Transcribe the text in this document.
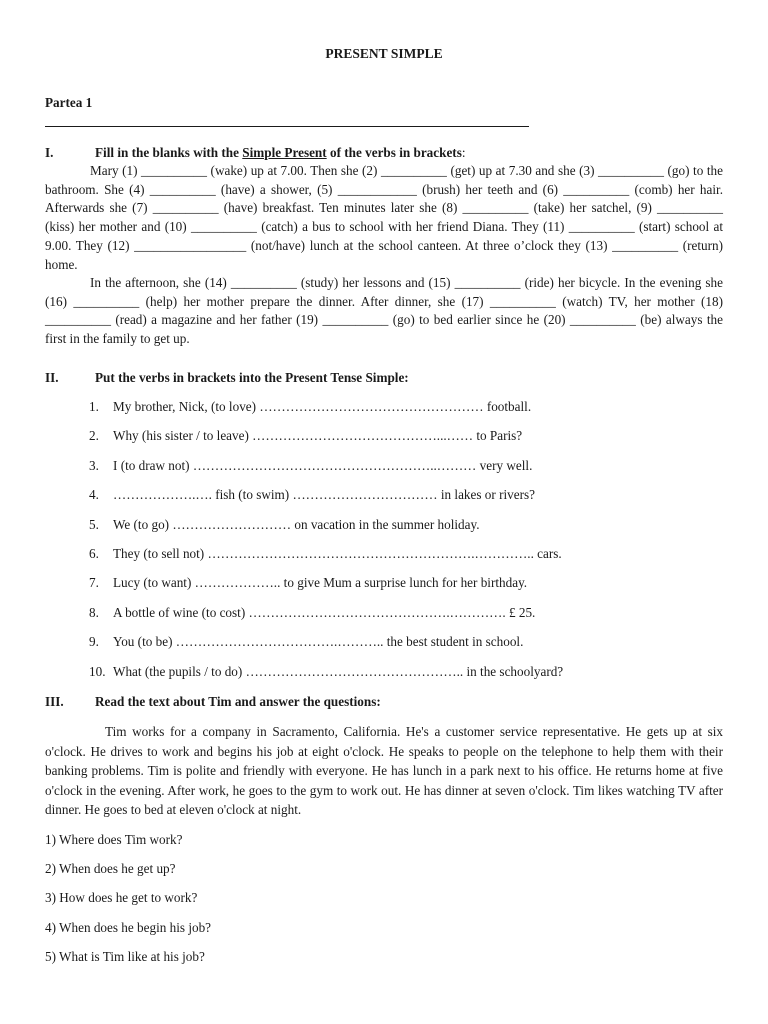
PRESENT SIMPLE
Partea 1
I.	Fill in the blanks with the Simple Present of the verbs in brackets:

Mary (1) __________ (wake) up at 7.00. Then she (2) __________ (get) up at 7.30 and she (3) __________ (go) to the bathroom. She (4) __________ (have) a shower, (5) ____________ (brush) her teeth and (6) __________ (comb) her hair. Afterwards she (7) __________ (have) breakfast. Ten minutes later she (8) __________ (take) her satchel, (9) __________ (kiss) her mother and (10) __________ (catch) a bus to school with her friend Diana. They (11) __________ (start) school at 9.00. They (12) _________________ (not/have) lunch at the school canteen. At three o’clock they (13) __________ (return) home.

In the afternoon, she (14) __________ (study) her lessons and (15) __________ (ride) her bicycle. In the evening she (16) __________ (help) her mother prepare the dinner. After dinner, she (17) __________ (watch) TV, her mother (18) __________ (read) a magazine and her father (19) __________ (go) to bed earlier since he (20) __________ (be) always the first in the family to get up.

II.	Put the verbs in brackets into the Present Tense Simple:
1. My brother, Nick, (to love) …………………………………………… football.
2. Why (his sister / to leave) ……………………………………...…… to Paris?
3. I (to draw not) ………………………………………………..……… very well.
4. ……………….…. fish (to swim) …………………………… in lakes or rivers?
5. We (to go) ……………………… on vacation in the summer holiday.
6. They (to sell not) …………………………………………………….………….. cars.
7. Lucy (to want) ……………….. to give Mum a surprise lunch for her birthday.
8. A bottle of wine (to cost) ……………………………………….…………. £ 25.
9. You (to be) ……………………………….……….. the best student in school.
10. What (the pupils / to do) ………………………………………….. in the schoolyard?
III. Read the text about Tim and answer the questions:

Tim works for a company in Sacramento, California. He's a customer service representative. He gets up at six o'clock. He drives to work and begins his job at eight o'clock. He speaks to people on the telephone to help them with their banking problems. Tim is polite and friendly with everyone. He has lunch in a park next to his office. He returns home at five o'clock in the evening. After work, he goes to the gym to work out. He has dinner at seven o'clock. Tim likes watching TV after dinner. He goes to bed at eleven o'clock at night.

1) Where does Tim work?
2) When does he get up?
3) How does he get to work?
4) When does he begin his job?
5) What is Tim like at his job?
